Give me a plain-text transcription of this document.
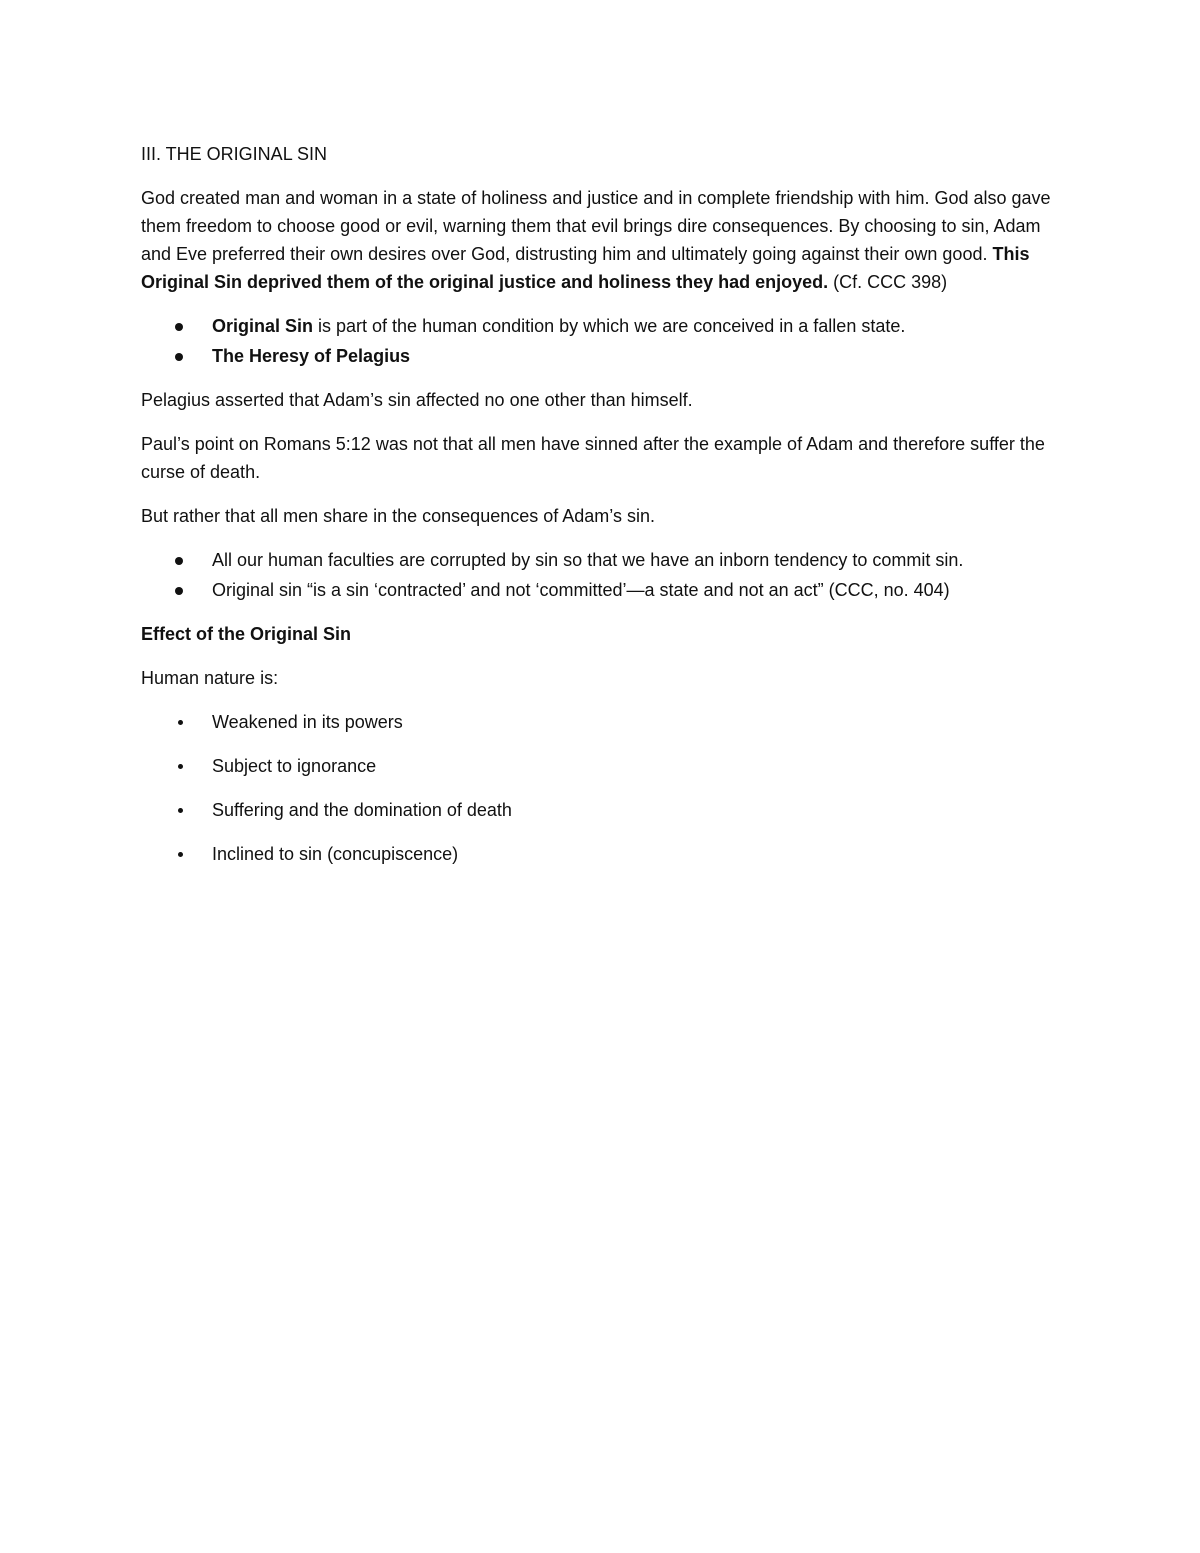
III. THE ORIGINAL SIN

God created man and woman in a state of holiness and justice and in complete friendship with him. God also gave them freedom to choose good or evil, warning them that evil brings dire consequences. By choosing to sin, Adam and Eve preferred their own desires over God, distrusting him and ultimately going against their own good. This Original Sin deprived them of the original justice and holiness they had enjoyed. (Cf. CCC 398)

Original Sin is part of the human condition by which we are conceived in a fallen state.
The Heresy of Pelagius

Pelagius asserted that Adam’s sin affected no one other than himself.

Paul’s point on Romans 5:12 was not that all men have sinned after the example of Adam and therefore suffer the curse of death.

But rather that all men share in the consequences of Adam’s sin.

All our human faculties are corrupted by sin so that we have an inborn tendency to commit sin.
Original sin “is a sin ‘contracted’ and not ‘committed’—a state and not an act” (CCC, no. 404)

Effect of the Original Sin

Human nature is:

Weakened in its powers
Subject to ignorance
Suffering and the domination of death
Inclined to sin (concupiscence)
